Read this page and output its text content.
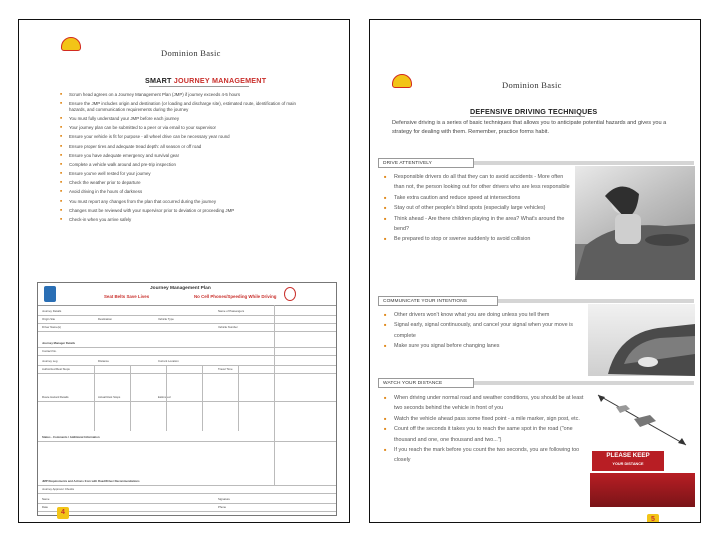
Dominion Basic
SMART JOURNEY MANAGEMENT
■ Scrum head agrees on a Journey Management Plan (JMP) if journey exceeds 4-5 hours
■ Ensure the JMP includes origin and destination (or loading and discharge site), estimated route, identification of main hazards, and communication requirements during the journey
■ You must fully understand your JMP before each journey
■ Your journey plan can be submitted to a peer or via email to your supervisor
■ Ensure your vehicle is fit for purpose - all wheel drive can be necessary year round
■ Ensure proper tires and adequate tread depth: all season or off road
■ Ensure you have adequate emergency and survival gear
■ Complete a vehicle walk around and pre-trip inspection
■ Ensure you've well rested for your journey
■ Check the weather prior to departure
■ Avoid driving in the hours of darkness
■ You must report any changes from the plan that occurred during the journey
■ Changes must be reviewed with your supervisor prior to deviation or proceeding JMP
■ Check-in when you arrive safely
Journey Management Plan
Seat Belts Save Lives	No Cell Phones/Speeding While Driving
Journey Details	Name of Passengers
Origin Site	Destination	Vehicle Type
Driver Name(s)	Vehicle Number
Journey Manager Details
Contact No.
Journey Leg	Distance	Current Location
Authorized Rest Stops	Travel Time
Route Hazard Details	Actual Rest Stops	Estimated
Status - Comments / Additional Information
JMP Requirements and Actions from with Road/Driver Recommendations
Journey Approver Checks
Name	Signature
Date	Phone
4
Dominion Basic
DEFENSIVE DRIVING TECHNIQUES
Defensive driving is a series of basic techniques that allows you to anticipate potential hazards and gives you a strategy for dealing with them. Remember, practice forms habit.
DRIVE ATTENTIVELY
■ Responsible drivers do all that they can to avoid accidents - More often than not, the person looking out for other drivers who are less responsible
■ Take extra caution and reduce speed at intersections
■ Stay out of other people's blind spots (especially large vehicles)
■ Think ahead - Are there children playing in the area? What's around the bend?
■ Be prepared to stop or swerve suddenly to avoid collision
COMMUNICATE YOUR INTENTIONS
■ Other drivers won't know what you are doing unless you tell them
■ Signal early, signal continuously, and cancel your signal when your move is complete
■ Make sure you signal before changing lanes
WATCH YOUR DISTANCE
■ When driving under normal road and weather conditions, you should be at least two seconds behind the vehicle in front of you
■ Watch the vehicle ahead pass some fixed point - a mile marker, sign post, etc.
■ Count off the seconds it takes you to reach the same spot in the road ("one thousand and one, one thousand and two...")
■ If you reach the mark before you count the two seconds, you are following too closely
PLEASE KEEP
YOUR DISTANCE
5
